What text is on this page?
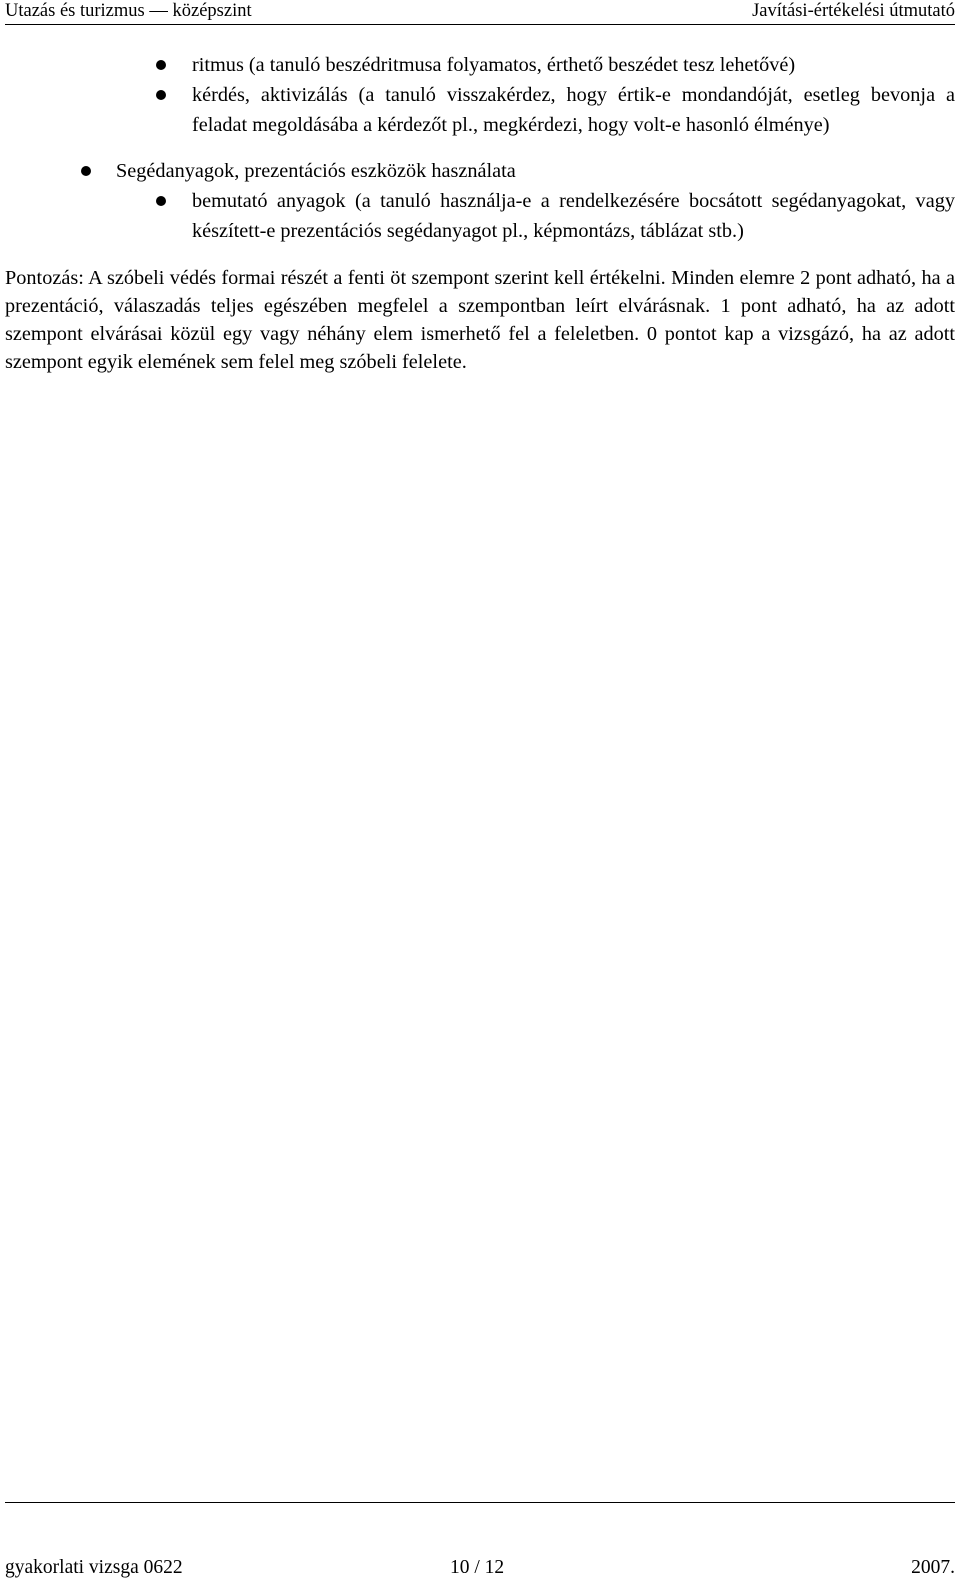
Utazás és turizmus — középszint	Javítási-értékelési útmutató
ritmus (a tanuló beszédritmusa folyamatos, érthető beszédet tesz lehetővé)
kérdés, aktivizálás (a tanuló visszakérdez, hogy értik-e mondandóját, esetleg bevonja a feladat megoldásába a kérdezőt pl., megkérdezi, hogy volt-e hasonló élménye)
Segédanyagok, prezentációs eszközök használata
bemutató anyagok (a tanuló használja-e a rendelkezésére bocsátott segédanyagokat, vagy készített-e prezentációs segédanyagot pl., képmontázs, táblázat stb.)

Pontozás: A szóbeli védés formai részét a fenti öt szempont szerint kell értékelni. Minden elemre 2 pont adható, ha a prezentáció, válaszadás teljes egészében megfelel a szempontban leírt elvárásnak. 1 pont adható, ha az adott szempont elvárásai közül egy vagy néhány elem ismerhető fel a feleletben. 0 pontot kap a vizsgázó, ha az adott szempont egyik elemének sem felel meg szóbeli felelete.

gyakorlati vizsga 0622	10 / 12	2007.
